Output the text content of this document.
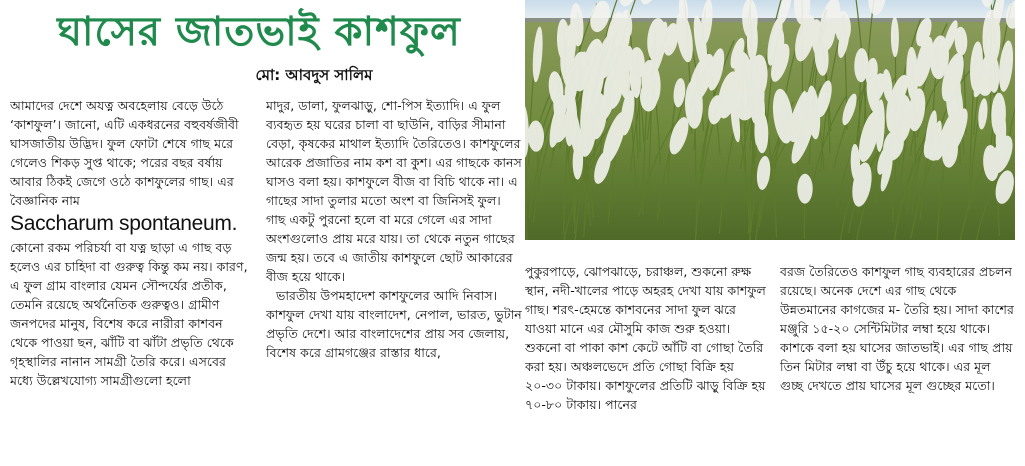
ঘাসের জাতভাই কাশফুল
মো: আবদুস সালিম

আমাদের দেশে অযত্ন অবহেলায় বেড়ে উঠে ‘কাশফুল’। জানো, এটি একধরনের বহুবর্ষজীবী ঘাসজাতীয় উদ্ভিদ। ফুল ফোটা শেষে গাছ মরে গেলেও শিকড় সুপ্ত থাকে; পরের বছর বর্ষায় আবার ঠিকই জেগে ওঠে কাশফুলের গাছ। এর বৈজ্ঞানিক নাম

Saccharum spontaneum.

কোনো রকম পরিচর্যা বা যত্ন ছাড়া এ গাছ বড় হলেও এর চাহিদা বা গুরুত্ব কিন্তু কম নয়। কারণ, এ ফুল গ্রাম বাংলার যেমন সৌন্দর্যের প্রতীক, তেমনি রয়েছে অর্থনৈতিক গুরুত্বও। গ্রামীণ জনপদের মানুষ, বিশেষ করে নারীরা কাশবন থেকে পাওয়া ছন, ঝাঁটি বা ঝাঁটা প্রভৃতি থেকে গৃহস্থালির নানান সামগ্রী তৈরি করে। এসবের মধ্যে উল্লেখযোগ্য সামগ্রীগুলো হলো

মাদুর, ডালা, ফুলঝাড়ু, শো-পিস ইত্যাদি। এ ফুল ব্যবহৃত হয় ঘরের চালা বা ছাউনি, বাড়ির সীমানা বেড়া, কৃষকের মাথাল ইত্যাদি তৈরিতেও। কাশফুলের আরেক প্রজাতির নাম কশ বা কুশ। এর গাছকে কানস ঘাসও বলা হয়। কাশফুলে বীজ বা বিচি থাকে না। এ গাছের সাদা তুলার মতো অংশ বা জিনিসই ফুল। গাছ একটু পুরনো হলে বা মরে গেলে এর সাদা অংশগুলোও প্রায় মরে যায়। তা থেকে নতুন গাছের জন্ম হয়। তবে এ জাতীয় কাশফুলে ছোট আকারের বীজ হয়ে থাকে।

ভারতীয় উপমহাদেশ কাশফুলের আদি নিবাস। কাশফুল দেখা যায় বাংলাদেশ, নেপাল, ভারত, ভুটান প্রভৃতি দেশে। আর বাংলাদেশের প্রায় সব জেলায়, বিশেষ করে গ্রামগঞ্জের রাস্তার ধারে,

পুকুরপাড়ে, ঝোপঝাড়ে, চরাঞ্চল, শুকনো রুক্ষ স্থান, নদী-খালের পাড়ে অহরহ দেখা যায় কাশফুল গাছ। শরৎ-হেমন্তে কাশবনের সাদা ফুল ঝরে যাওয়া মানে এর মৌসুমি কাজ শুরু হওয়া। শুকনো বা পাকা কাশ কেটে আঁটি বা গোছা তৈরি করা হয়। অঞ্চলভেদে প্রতি গোছা বিক্রি হয় ২০-৩০ টাকায়। কাশফুলের প্রতিটি ঝাড়ু বিক্রি হয় ৭০-৮০ টাকায়। পানের

বরজ তৈরিতেও কাশফুল গাছ ব্যবহারের প্রচলন রয়েছে। অনেক দেশে এর গাছ থেকে উন্নতমানের কাগজের ম- তৈরি হয়। সাদা কাশের মঞ্জুরি ১৫-২০ সেন্টিমিটার লম্বা হয়ে থাকে। কাশকে বলা হয় ঘাসের জাতভাই। এর গাছ প্রায় তিন মিটার লম্বা বা উঁচু হয়ে থাকে। এর মূল গুচ্ছ দেখতে প্রায় ঘাসের মূল গুচ্ছের মতো।
